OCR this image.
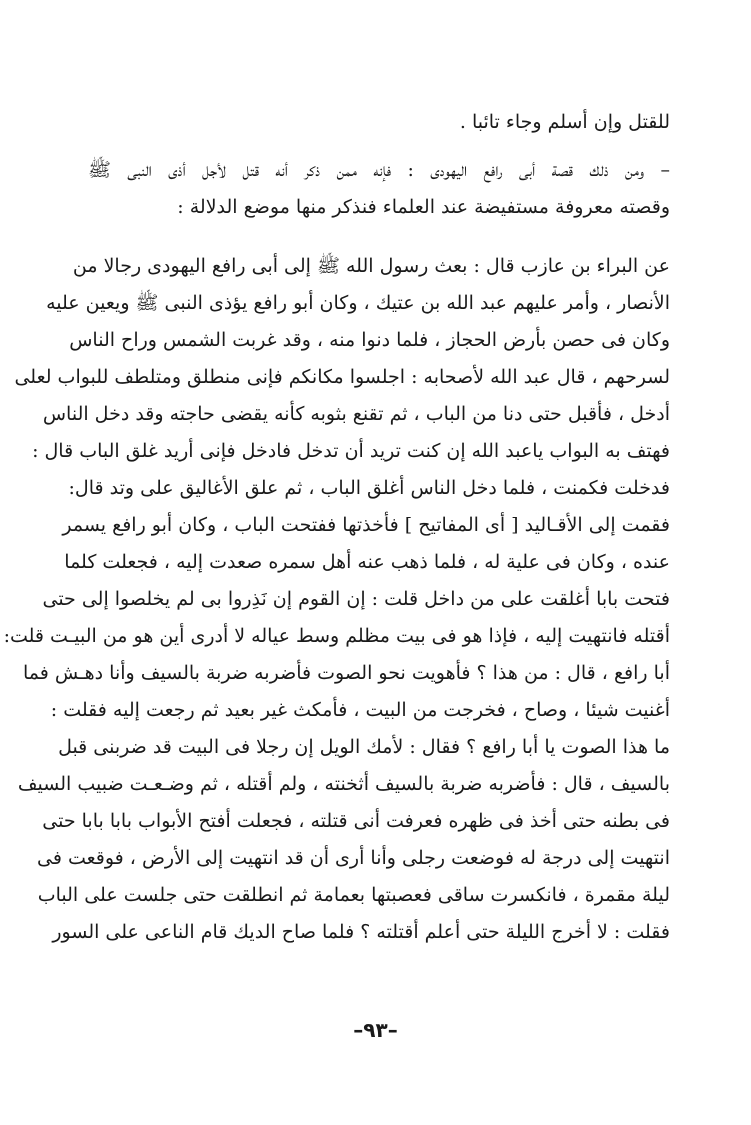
للقتل وإن أسلم وجاء تائبا .
– ومن ذلك قصة أبى رافع اليهودى : فإنه ممن ذكر أنه قتل لأجل أذى النبى ﷺ
وقصته معروفة مستفيضة عند العلماء فنذكر منها موضع الدلالة :
عن البراء بن عازب قال : بعث رسول الله ﷺ إلى أبى رافع اليهودى رجالا من
الأنصار ، وأمر عليهم عبد الله بن عتيك ، وكان أبو رافع يؤذى النبى ﷺ ويعين عليه
وكان فى حصن بأرض الحجاز ، فلما دنوا منه ، وقد غربت الشمس وراح الناس
لسرحهم ، قال عبد الله لأصحابه : اجلسوا مكانكم فإنى منطلق ومتلطف للبواب لعلى
أدخل ، فأقبل حتى دنا من الباب ، ثم تقنع بثوبه كأنه يقضى حاجته وقد دخل الناس
فهتف به البواب ياعبد الله إن كنت تريد أن تدخل فادخل فإنى أريد غلق الباب قال :
فدخلت فكمنت ، فلما دخل الناس أغلق الباب ، ثم علق الأغاليق على وتد قال:
فقمت إلى الأقـاليد [ أى المفاتيح ] فأخذتها ففتحت الباب ، وكان أبو رافع يسمر
عنده ، وكان فى علية له ، فلما ذهب عنه أهل سمره صعدت إليه ، فجعلت كلما
فتحت بابا أغلقت على من داخل قلت : إن القوم إن نَذِروا بى لم يخلصوا إلى حتى
أقتله فانتهيت إليه ، فإذا هو فى بيت مظلم وسط عياله لا أدرى أين هو من البيـت قلت:
أبا رافع ، قال : من هذا ؟ فأهويت نحو الصوت فأضربه ضربة بالسيف وأنا دهـش فما
أغنيت شيئا ، وصاح ، فخرجت من البيت ، فأمكث غير بعيد ثم رجعت إليه فقلت :
ما هذا الصوت يا أبا رافع ؟ فقال : لأمك الويل إن رجلا فى البيت قد ضربنى قبل
بالسيف ، قال : فأضربه ضربة بالسيف أثخنته ، ولم أقتله ، ثم وضـعـت ضبيب السيف
فى بطنه حتى أخذ فى ظهره فعرفت أنى قتلته ، فجعلت أفتح الأبواب بابا بابا حتى
انتهيت إلى درجة له فوضعت رجلى وأنا أرى أن قد انتهيت إلى الأرض ، فوقعت فى
ليلة مقمرة ، فانكسرت ساقى فعصبتها بعمامة ثم انطلقت حتى جلست على الباب
فقلت : لا أخرج الليلة حتى أعلم أقتلته ؟ فلما صاح الديك قام الناعى على السور
–٩٣–
